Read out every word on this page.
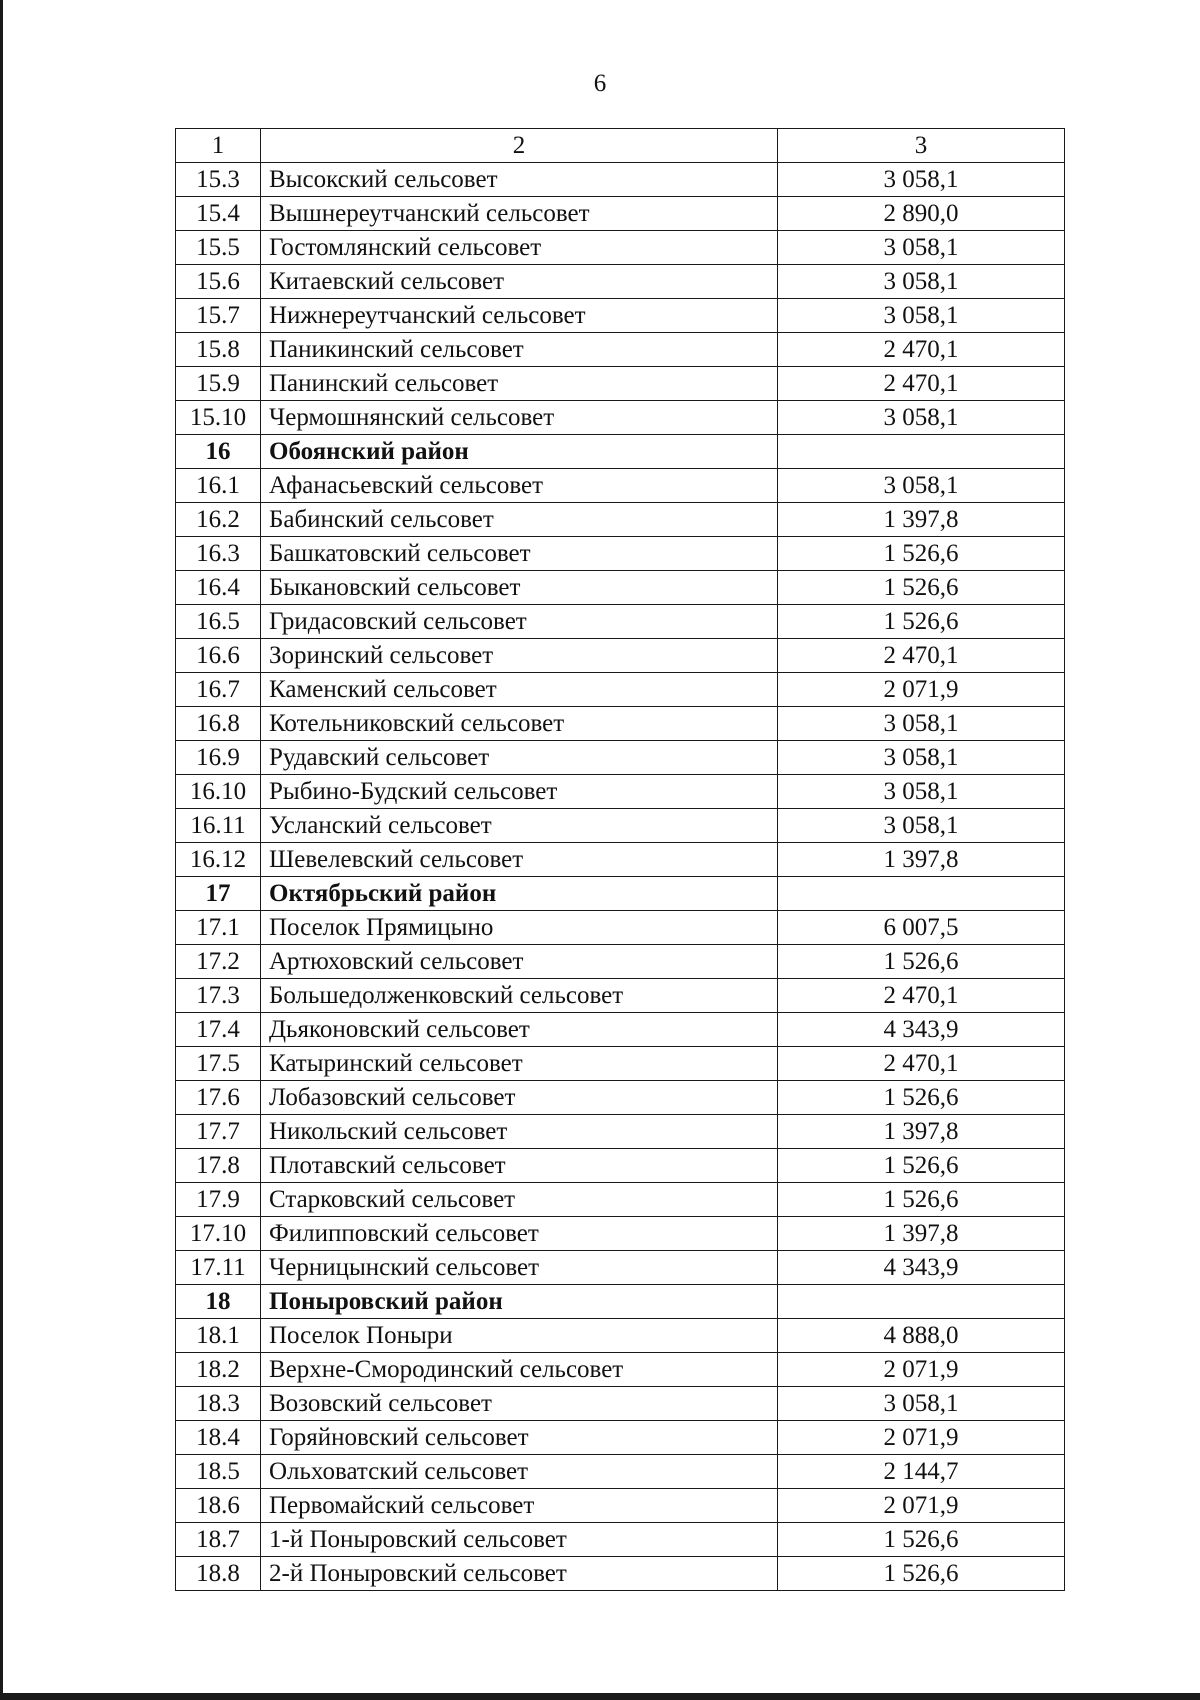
6
1	2	3
15.3	Высокский сельсовет	3 058,1
15.4	Вышнереутчанский сельсовет	2 890,0
15.5	Гостомлянский сельсовет	3 058,1
15.6	Китаевский сельсовет	3 058,1
15.7	Нижнереутчанский сельсовет	3 058,1
15.8	Паникинский сельсовет	2 470,1
15.9	Панинский сельсовет	2 470,1
15.10	Чермошнянский сельсовет	3 058,1
16	Обоянский район	
16.1	Афанасьевский сельсовет	3 058,1
16.2	Бабинский сельсовет	1 397,8
16.3	Башкатовский сельсовет	1 526,6
16.4	Быкановский сельсовет	1 526,6
16.5	Гридасовский сельсовет	1 526,6
16.6	Зоринский сельсовет	2 470,1
16.7	Каменский сельсовет	2 071,9
16.8	Котельниковский сельсовет	3 058,1
16.9	Рудавский сельсовет	3 058,1
16.10	Рыбино-Будский сельсовет	3 058,1
16.11	Усланский сельсовет	3 058,1
16.12	Шевелевский сельсовет	1 397,8
17	Октябрьский район	
17.1	Поселок Прямицыно	6 007,5
17.2	Артюховский сельсовет	1 526,6
17.3	Большедолженковский сельсовет	2 470,1
17.4	Дьяконовский сельсовет	4 343,9
17.5	Катыринский сельсовет	2 470,1
17.6	Лобазовский сельсовет	1 526,6
17.7	Никольский сельсовет	1 397,8
17.8	Плотавский сельсовет	1 526,6
17.9	Старковский сельсовет	1 526,6
17.10	Филипповский сельсовет	1 397,8
17.11	Черницынский сельсовет	4 343,9
18	Поныровский район	
18.1	Поселок Поныри	4 888,0
18.2	Верхне-Смородинский сельсовет	2 071,9
18.3	Возовский сельсовет	3 058,1
18.4	Горяйновский сельсовет	2 071,9
18.5	Ольховатский сельсовет	2 144,7
18.6	Первомайский сельсовет	2 071,9
18.7	1-й Поныровский сельсовет	1 526,6
18.8	2-й Поныровский сельсовет	1 526,6
